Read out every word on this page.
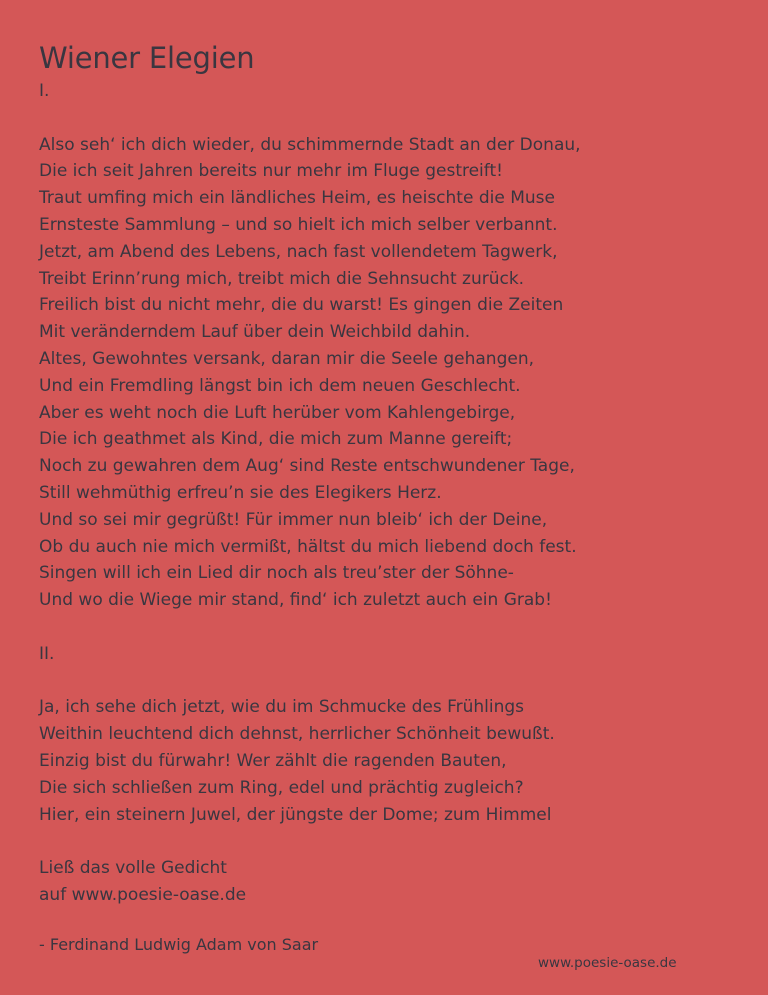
Wiener Elegien

I.

Also seh‘ ich dich wieder, du schimmernde Stadt an der Donau,
Die ich seit Jahren bereits nur mehr im Fluge gestreift!
Traut umfing mich ein ländliches Heim, es heischte die Muse
Ernsteste Sammlung – und so hielt ich mich selber verbannt.
Jetzt, am Abend des Lebens, nach fast vollendetem Tagwerk,
Treibt Erinn’rung mich, treibt mich die Sehnsucht zurück.
Freilich bist du nicht mehr, die du warst! Es gingen die Zeiten
Mit veränderndem Lauf über dein Weichbild dahin.
Altes, Gewohntes versank, daran mir die Seele gehangen,
Und ein Fremdling längst bin ich dem neuen Geschlecht.
Aber es weht noch die Luft herüber vom Kahlengebirge,
Die ich geathmet als Kind, die mich zum Manne gereift;
Noch zu gewahren dem Aug‘ sind Reste entschwundener Tage,
Still wehmüthig erfreu’n sie des Elegikers Herz.
Und so sei mir gegrüßt! Für immer nun bleib‘ ich der Deine,
Ob du auch nie mich vermißt, hältst du mich liebend doch fest.
Singen will ich ein Lied dir noch als treu’ster der Söhne-
Und wo die Wiege mir stand, find‘ ich zuletzt auch ein Grab!

II.

Ja, ich sehe dich jetzt, wie du im Schmucke des Frühlings
Weithin leuchtend dich dehnst, herrlicher Schönheit bewußt.
Einzig bist du fürwahr! Wer zählt die ragenden Bauten,
Die sich schließen zum Ring, edel und prächtig zugleich?
Hier, ein steinern Juwel, der jüngste der Dome; zum Himmel
Ließ das volle Gedicht
auf www.poesie-oase.de
- Ferdinand Ludwig Adam von Saar
www.poesie-oase.de
